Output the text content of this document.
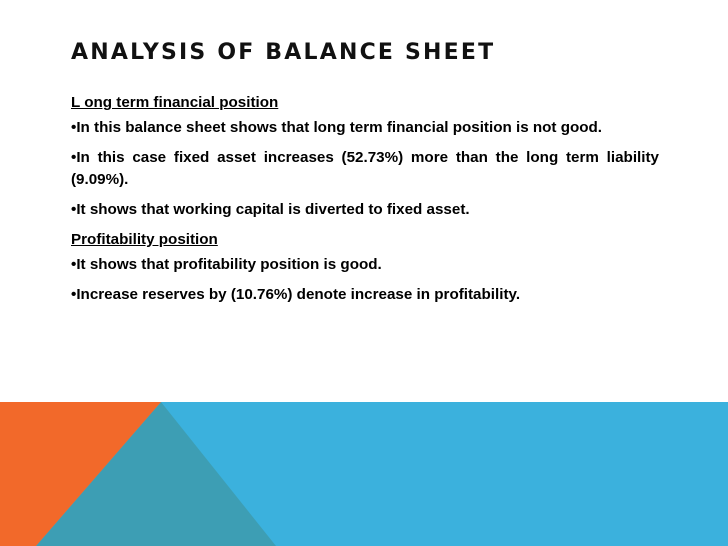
ANALYSIS OF BALANCE SHEET
L ong term financial position
•In this balance sheet shows that long term financial position is not good.
•In this case fixed asset increases (52.73%) more than the long term liability (9.09%).
•It shows that working capital is diverted to fixed asset.
Profitability position
•It shows that profitability position is good.
•Increase reserves by (10.76%) denote increase in profitability.
